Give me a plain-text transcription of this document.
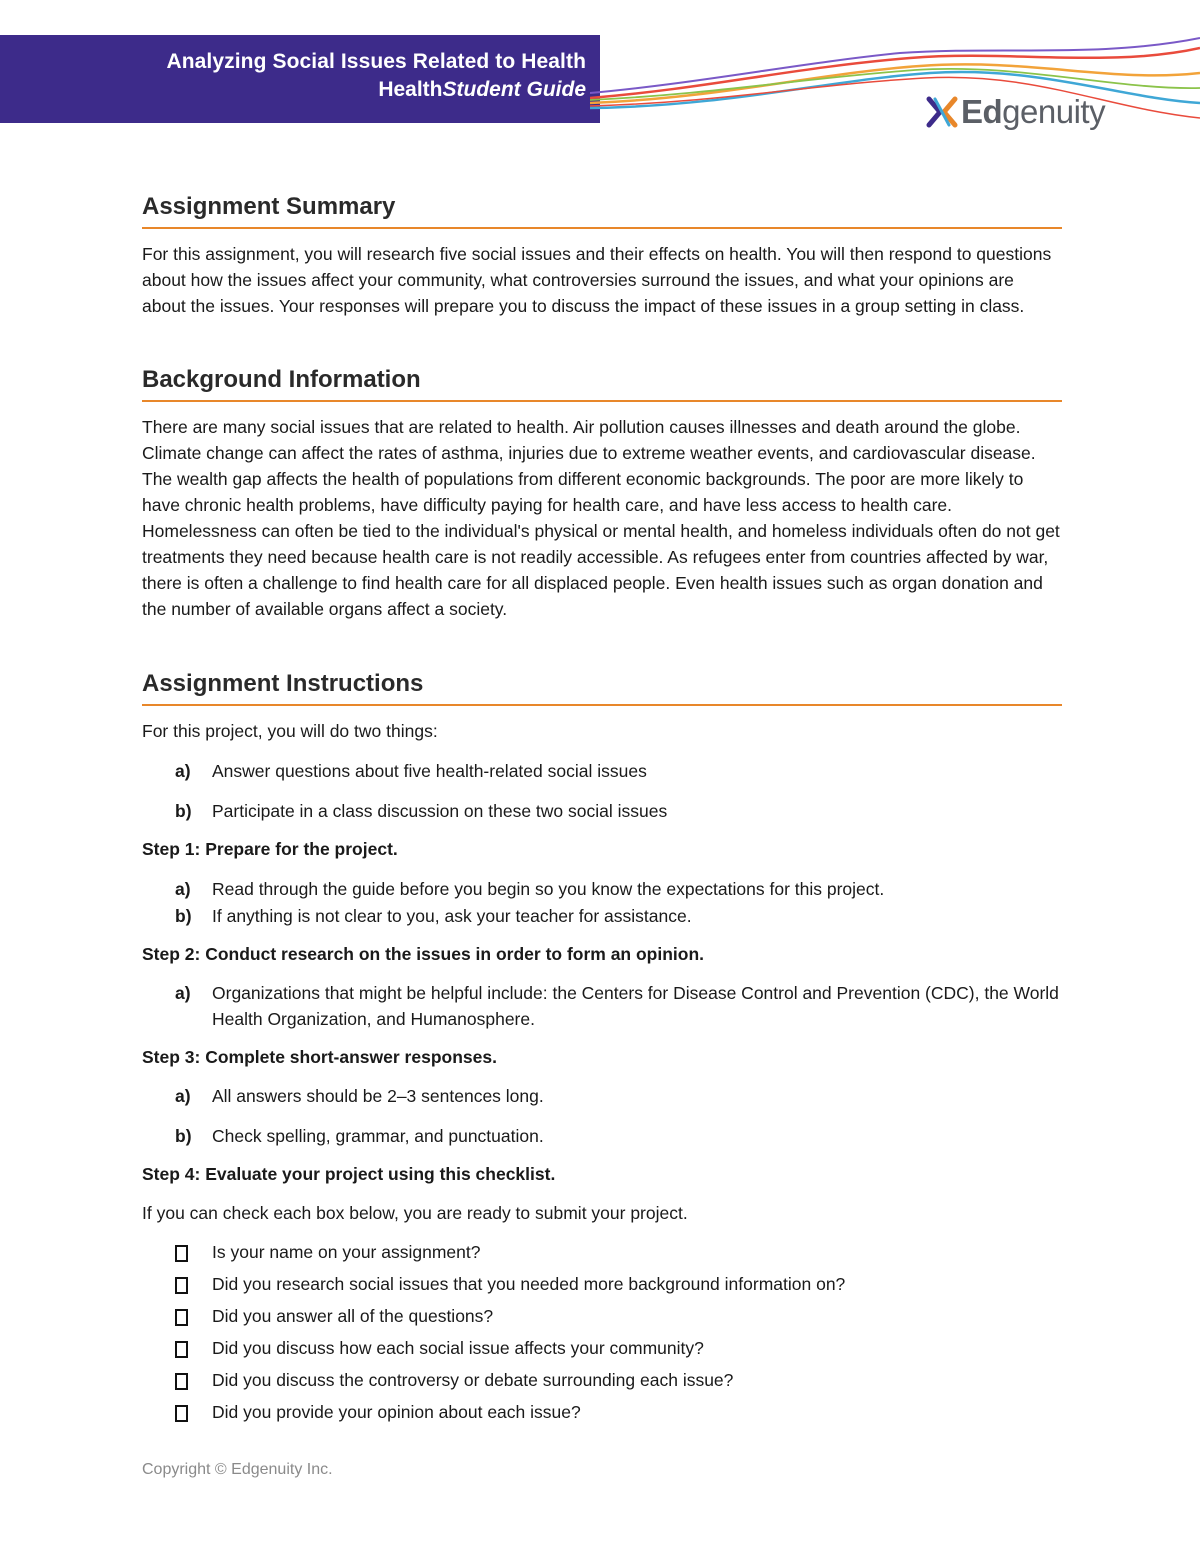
Analyzing Social Issues Related to Health
HealthStudent Guide
Edgenuity
Assignment Summary

For this assignment, you will research five social issues and their effects on health. You will then respond to questions about how the issues affect your community, what controversies surround the issues, and what your opinions are about the issues. Your responses will prepare you to discuss the impact of these issues in a group setting in class.

Background Information

There are many social issues that are related to health. Air pollution causes illnesses and death around the globe. Climate change can affect the rates of asthma, injuries due to extreme weather events, and cardiovascular disease. The wealth gap affects the health of populations from different economic backgrounds. The poor are more likely to have chronic health problems, have difficulty paying for health care, and have less access to health care. Homelessness can often be tied to the individual's physical or mental health, and homeless individuals often do not get treatments they need because health care is not readily accessible. As refugees enter from countries affected by war, there is often a challenge to find health care for all displaced people. Even health issues such as organ donation and the number of available organs affect a society.

Assignment Instructions

For this project, you will do two things:

a)	Answer questions about five health-related social issues
b)	Participate in a class discussion on these two social issues
Step 1: Prepare for the project.
a)	Read through the guide before you begin so you know the expectations for this project.
b)	If anything is not clear to you, ask your teacher for assistance.
Step 2: Conduct research on the issues in order to form an opinion.
a)	Organizations that might be helpful include: the Centers for Disease Control and Prevention (CDC), the World Health Organization, and Humanosphere.
Step 3: Complete short-answer responses.
a)	All answers should be 2–3 sentences long.
b)	Check spelling, grammar, and punctuation.
Step 4: Evaluate your project using this checklist.

If you can check each box below, you are ready to submit your project.

Is your name on your assignment?
Did you research social issues that you needed more background information on?
Did you answer all of the questions?
Did you discuss how each social issue affects your community?
Did you discuss the controversy or debate surrounding each issue?
Did you provide your opinion about each issue?
Copyright © Edgenuity Inc.
